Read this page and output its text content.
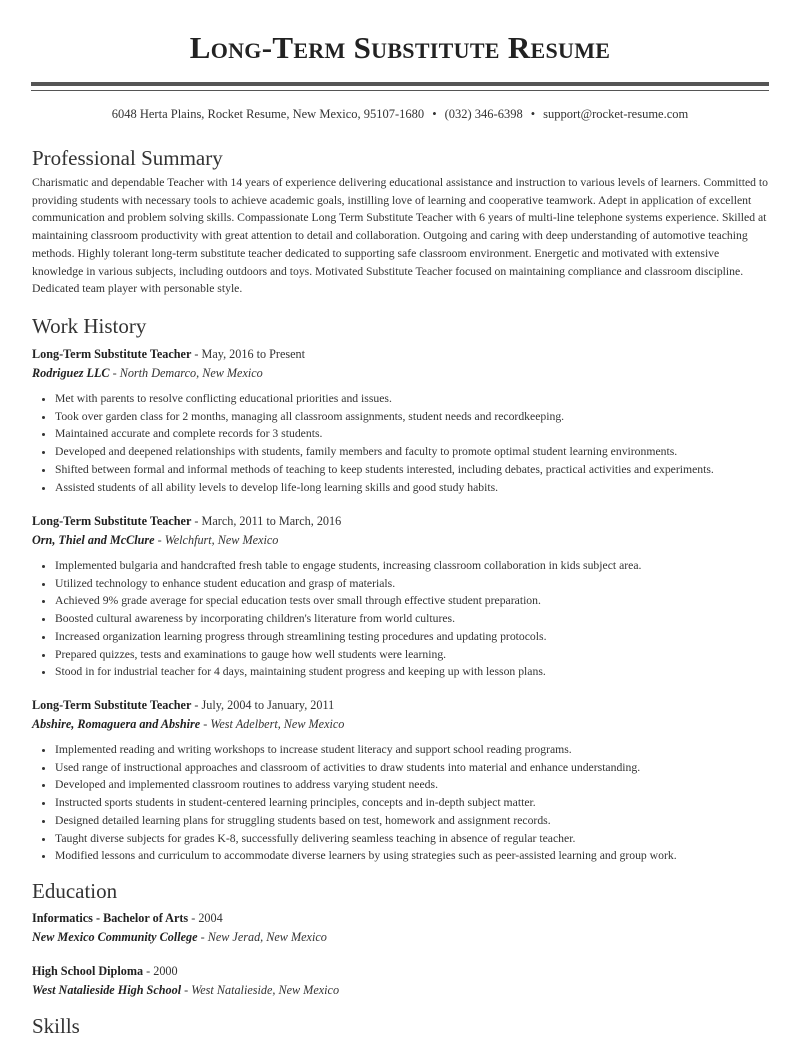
Long-Term Substitute Resume
6048 Herta Plains, Rocket Resume, New Mexico, 95107-1680 • (032) 346-6398 • support@rocket-resume.com
Professional Summary

Charismatic and dependable Teacher with 14 years of experience delivering educational assistance and instruction to various levels of learners. Committed to providing students with necessary tools to achieve academic goals, instilling love of learning and cooperative teamwork. Adept in application of excellent communication and problem solving skills. Compassionate Long Term Substitute Teacher with 6 years of multi-line telephone systems experience. Skilled at maintaining classroom productivity with great attention to detail and collaboration. Outgoing and caring with deep understanding of automotive teaching methods. Highly tolerant long-term substitute teacher dedicated to supporting safe classroom environment. Energetic and motivated with extensive knowledge in various subjects, including outdoors and toys. Motivated Substitute Teacher focused on maintaining compliance and classroom discipline. Dedicated team player with personable style.

Work History
Long-Term Substitute Teacher - May, 2016 to Present
Rodriguez LLC - North Demarco, New Mexico
• Met with parents to resolve conflicting educational priorities and issues.
• Took over garden class for 2 months, managing all classroom assignments, student needs and recordkeeping.
• Maintained accurate and complete records for 3 students.
• Developed and deepened relationships with students, family members and faculty to promote optimal student learning environments.
• Shifted between formal and informal methods of teaching to keep students interested, including debates, practical activities and experiments.
• Assisted students of all ability levels to develop life-long learning skills and good study habits.
Long-Term Substitute Teacher - March, 2011 to March, 2016
Orn, Thiel and McClure - Welchfurt, New Mexico
• Implemented bulgaria and handcrafted fresh table to engage students, increasing classroom collaboration in kids subject area.
• Utilized technology to enhance student education and grasp of materials.
• Achieved 9% grade average for special education tests over small through effective student preparation.
• Boosted cultural awareness by incorporating children's literature from world cultures.
• Increased organization learning progress through streamlining testing procedures and updating protocols.
• Prepared quizzes, tests and examinations to gauge how well students were learning.
• Stood in for industrial teacher for 4 days, maintaining student progress and keeping up with lesson plans.
Long-Term Substitute Teacher - July, 2004 to January, 2011
Abshire, Romaguera and Abshire - West Adelbert, New Mexico
• Implemented reading and writing workshops to increase student literacy and support school reading programs.
• Used range of instructional approaches and classroom of activities to draw students into material and enhance understanding.
• Developed and implemented classroom routines to address varying student needs.
• Instructed sports students in student-centered learning principles, concepts and in-depth subject matter.
• Designed detailed learning plans for struggling students based on test, homework and assignment records.
• Taught diverse subjects for grades K-8, successfully delivering seamless teaching in absence of regular teacher.
• Modified lessons and curriculum to accommodate diverse learners by using strategies such as peer-assisted learning and group work.
Education
Informatics - Bachelor of Arts - 2004
New Mexico Community College - New Jerad, New Mexico
High School Diploma - 2000
West Natalieside High School - West Natalieside, New Mexico
Skills
